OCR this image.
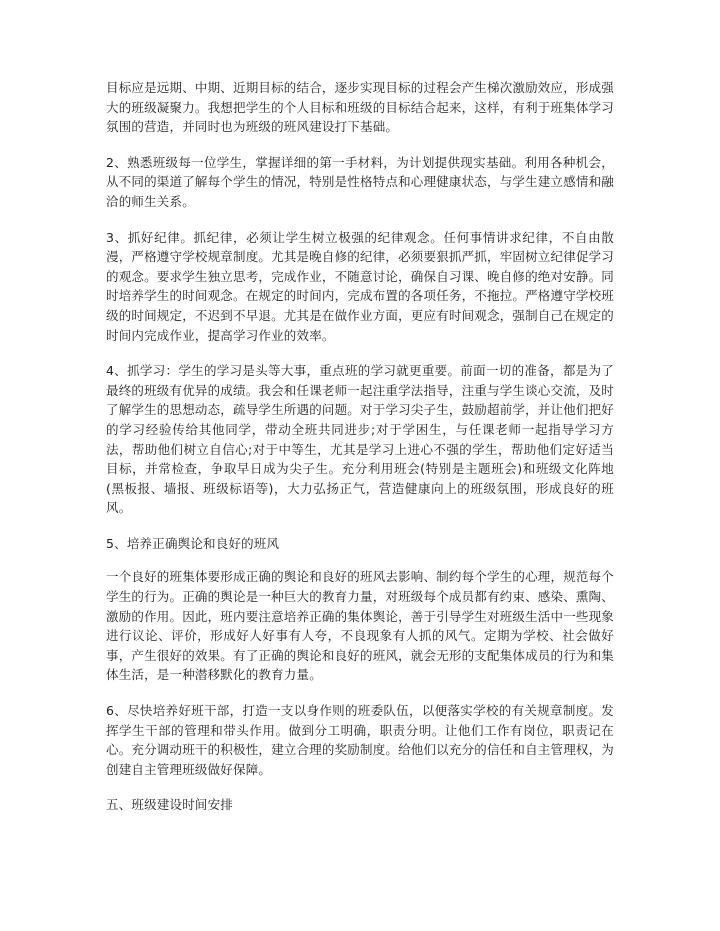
目标应是远期、中期、近期目标的结合，逐步实现目标的过程会产生梯次激励效应，形成强大的班级凝聚力。我想把学生的个人目标和班级的目标结合起来，这样，有利于班集体学习氛围的营造，并同时也为班级的班风建设打下基础。

2、熟悉班级每一位学生，掌握详细的第一手材料，为计划提供现实基础。利用各种机会，从不同的渠道了解每个学生的情况，特别是性格特点和心理健康状态，与学生建立感情和融洽的师生关系。

3、抓好纪律。抓纪律，必须让学生树立极强的纪律观念。任何事情讲求纪律，不自由散漫，严格遵守学校规章制度。尤其是晚自修的纪律，必须要狠抓严抓，牢固树立纪律促学习的观念。要求学生独立思考，完成作业，不随意讨论，确保自习课、晚自修的绝对安静。同时培养学生的时间观念。在规定的时间内，完成布置的各项任务，不拖拉。严格遵守学校班级的时间规定，不迟到不早退。尤其是在做作业方面，更应有时间观念，强制自己在规定的时间内完成作业，提高学习作业的效率。

4、抓学习：学生的学习是头等大事，重点班的学习就更重要。前面一切的准备，都是为了最终的班级有优异的成绩。我会和任课老师一起注重学法指导，注重与学生谈心交流，及时了解学生的思想动态，疏导学生所遇的问题。对于学习尖子生，鼓励超前学，并让他们把好的学习经验传给其他同学，带动全班共同进步;对于学困生，与任课老师一起指导学习方法，帮助他们树立自信心;对于中等生，尤其是学习上进心不强的学生，帮助他们定好适当目标，并常检查，争取早日成为尖子生。充分利用班会(特别是主题班会)和班级文化阵地(黑板报、墙报、班级标语等)，大力弘扬正气，营造健康向上的班级氛围，形成良好的班风。

5、培养正确舆论和良好的班风

一个良好的班集体要形成正确的舆论和良好的班风去影响、制约每个学生的心理，规范每个学生的行为。正确的舆论是一种巨大的教育力量，对班级每个成员都有约束、感染、熏陶、激励的作用。因此，班内要注意培养正确的集体舆论，善于引导学生对班级生活中一些现象进行议论、评价，形成好人好事有人夸，不良现象有人抓的风气。定期为学校、社会做好事，产生很好的效果。有了正确的舆论和良好的班风，就会无形的支配集体成员的行为和集体生活，是一种潜移默化的教育力量。

6、尽快培养好班干部，打造一支以身作则的班委队伍，以便落实学校的有关规章制度。发挥学生干部的管理和带头作用。做到分工明确，职责分明。让他们工作有岗位，职责记在心。充分调动班干的积极性，建立合理的奖励制度。给他们以充分的信任和自主管理权，为创建自主管理班级做好保障。

五、班级建设时间安排
